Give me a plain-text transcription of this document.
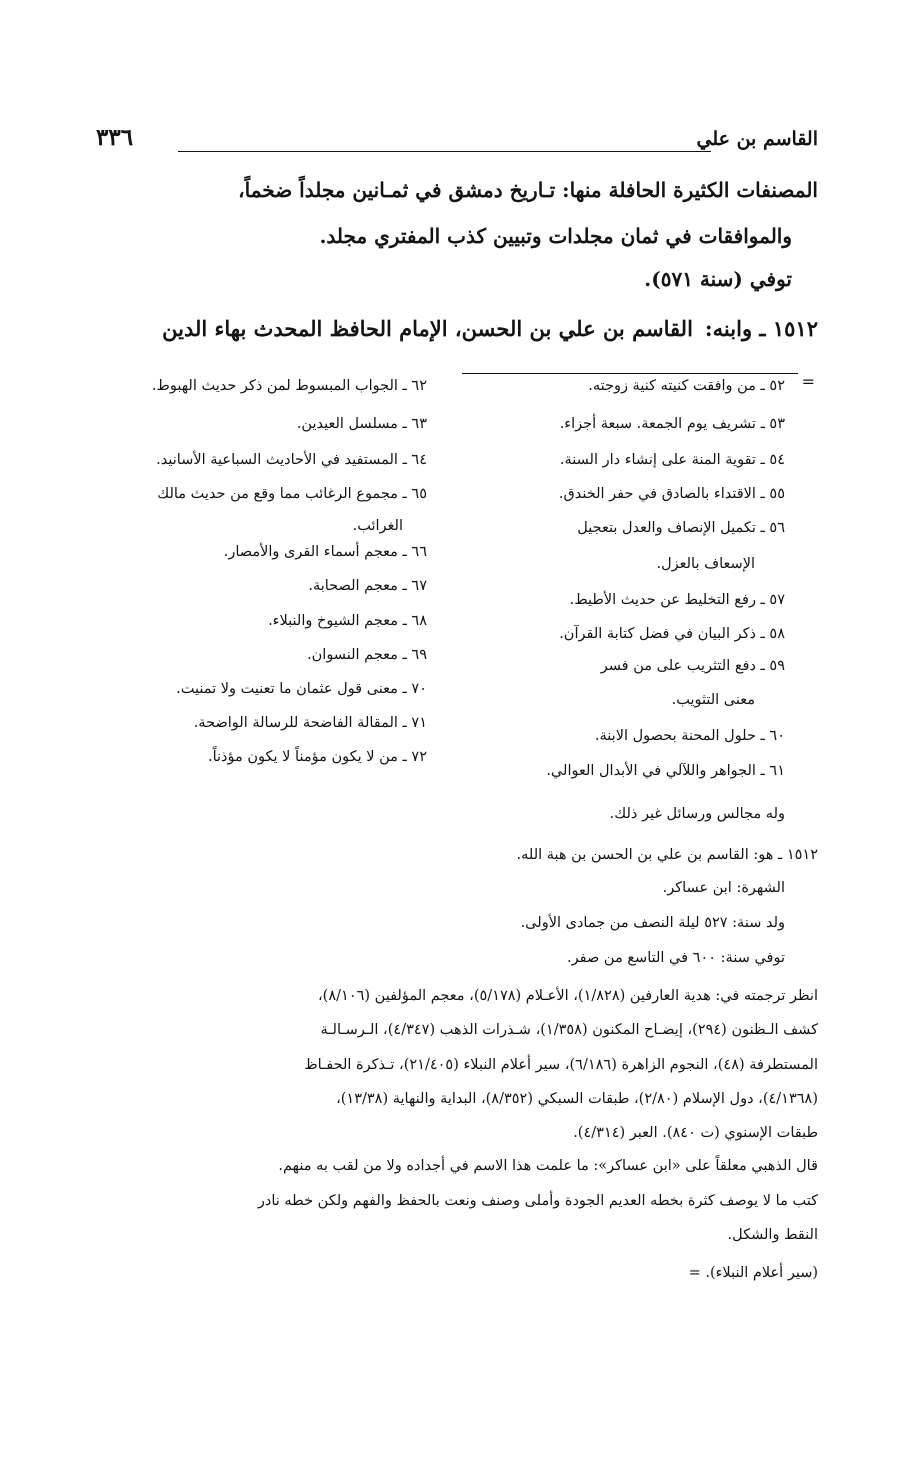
القاسم بن علي
٣٣٦
المصنفات الكثيرة الحافلة منها: تـاريخ دمشق في ثمـانين مجلداً ضخماً،
والموافقات في ثمان مجلدات وتبيين كذب المفتري مجلد.
توفي (سنة ٥٧١).
١٥١٢ ـ وابنه:القاسم بن علي بن الحسن، الإمام الحافظ المحدث بهاء الدين
=
٥٢ ـ من وافقت كنيته كنية زوجته.
٥٣ ـ تشريف يوم الجمعة. سبعة أجزاء.
٥٤ ـ تقوية المنة على إنشاء دار السنة.
٥٥ ـ الاقتداء بالصادق في حفر الخندق.
٥٦ ـ تكميل الإنصاف والعدل بتعجيل
الإسعاف بالعزل.
٥٧ ـ رفع التخليط عن حديث الأطيط.
٥٨ ـ ذكر البيان في فضل كتابة القرآن.
٥٩ ـ دفع التثريب على من فسر
معنى التثويب.
٦٠ ـ حلول المحنة بحصول الابنة.
٦١ ـ الجواهر واللآلي في الأبدال العوالي.
٦٢ ـ الجواب المبسوط لمن ذكر حديث الهبوط.
٦٣ ـ مسلسل العيدين.
٦٤ ـ المستفيد في الأحاديث السباعية الأسانيد.
٦٥ ـ مجموع الرغائب مما وقع من حديث مالك
الغرائب.
٦٦ ـ معجم أسماء القرى والأمصار.
٦٧ ـ معجم الصحابة.
٦٨ ـ معجم الشيوخ والنبلاء.
٦٩ ـ معجم النسوان.
٧٠ ـ معنى قول عثمان ما تعنيت ولا تمنيت.
٧١ ـ المقالة الفاضحة للرسالة الواضحة.
٧٢ ـ من لا يكون مؤمناً لا يكون مؤذناً.
وله مجالس ورسائل غير ذلك.
١٥١٢ ـ هو: القاسم بن علي بن الحسن بن هبة الله.
الشهرة: ابن عساكر.
ولد سنة: ٥٢٧ ليلة النصف من جمادى الأولى.
توفي سنة: ٦٠٠ في التاسع من صفر.
انظر ترجمته في: هدية العارفين (١/٨٢٨)، الأعـلام (٥/١٧٨)، معجم المؤلفين (٨/١٠٦)،
كشف الـظنون (٢٩٤)، إيضـاح المكنون (١/٣٥٨)، شـذرات الذهب (٤/٣٤٧)، الـرسـالـة
المستطرفة (٤٨)، النجوم الزاهرة (٦/١٨٦)، سير أعلام النبلاء (٢١/٤٠٥)، تـذكرة الحفـاظ
(٤/١٣٦٨)، دول الإسلام (٢/٨٠)، طبقات السبكي (٨/٣٥٢)، البداية والنهاية (١٣/٣٨)،
طبقات الإسنوي (ت ٨٤٠). العبر (٤/٣١٤).
قال الذهبي معلقاً على «ابن عساكر»: ما علمت هذا الاسم في أجداده ولا من لقب به منهم.
كتب ما لا يوصف كثرة بخطه العديم الجودة وأملى وصنف ونعت بالحفظ والفهم ولكن خطه نادر
النقط والشكل.
(سير أعلام النبلاء). =
